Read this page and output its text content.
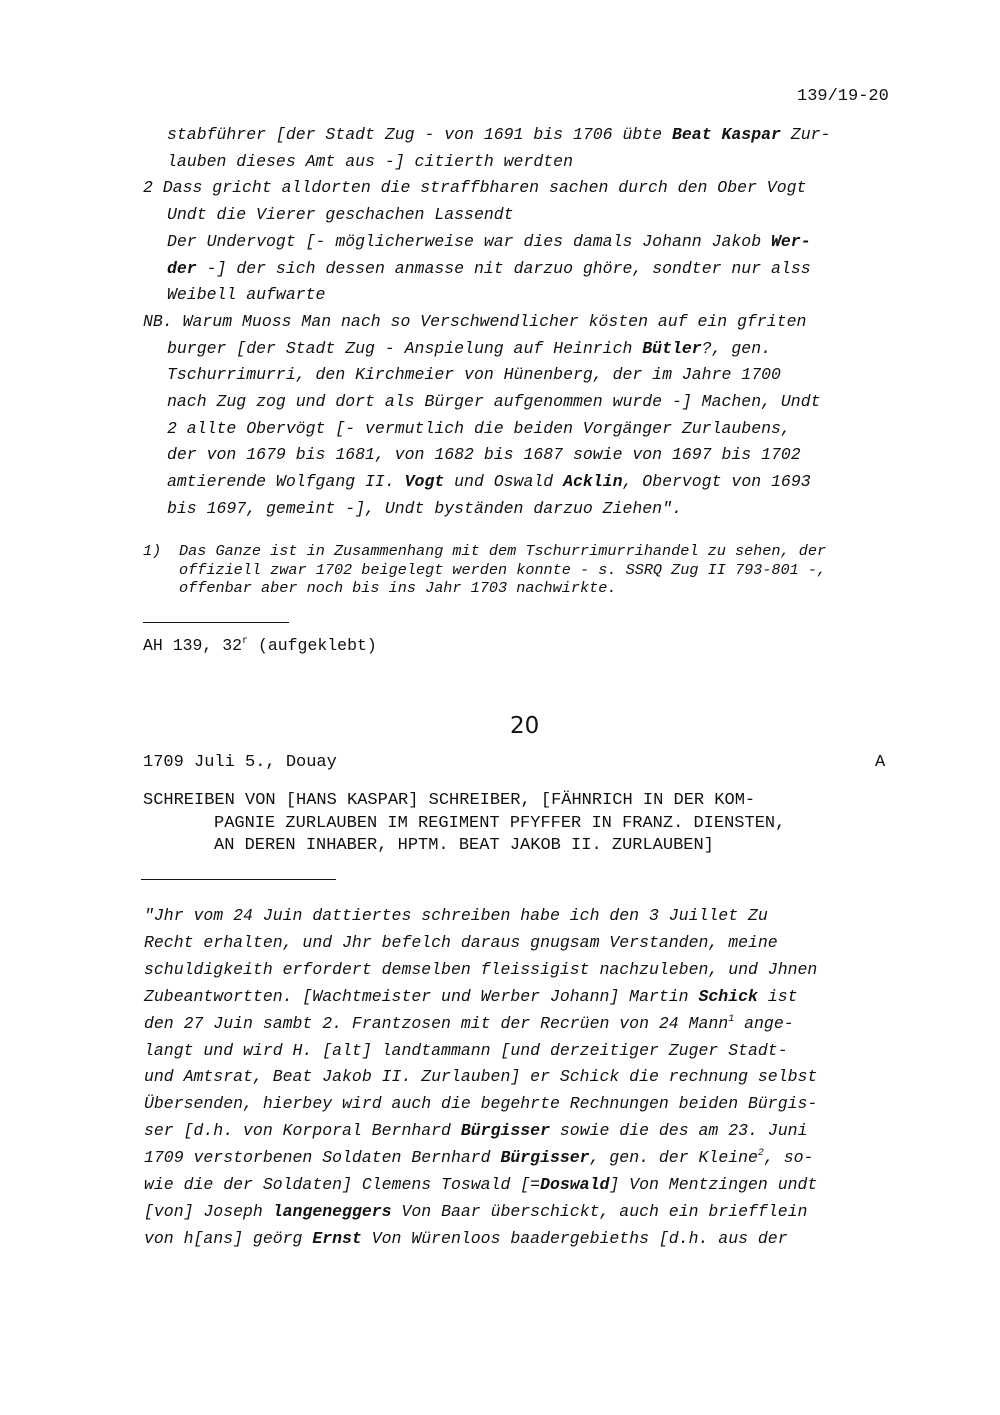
139/19-20
stabführer [der Stadt Zug - von 1691 bis 1706 übte Beat Kaspar Zur-
lauben dieses Amt aus -] citierth werdten
2 Dass gricht alldorten die straffbharen sachen durch den Ober Vogt
Undt die Vierer geschachen Lassendt
Der Undervogt [- möglicherweise war dies damals Johann Jakob Wer-
der -] der sich dessen anmasse nit darzuo ghöre, sondter nur alss
Weibell aufwarte
NB. Warum Muoss Man nach so Verschwendlicher kösten auf ein gfriten
burger [der Stadt Zug - Anspielung auf Heinrich Bütler?, gen.
Tschurrimurri, den Kirchmeier von Hünenberg, der im Jahre 1700
nach Zug zog und dort als Bürger aufgenommen wurde -] Machen, Undt
2 allte Obervögt [- vermutlich die beiden Vorgänger Zurlaubens,
der von 1679 bis 1681, von 1682 bis 1687 sowie von 1697 bis 1702
amtierende Wolfgang II. Vogt und Oswald Acklin, Obervogt von 1693
bis 1697, gemeint -], Undt byständen darzuo Ziehen".
1) Das Ganze ist in Zusammenhang mit dem Tschurrimurrihandel zu sehen, der
offiziell zwar 1702 beigelegt werden konnte - s. SSRQ Zug II 793-801 -,
offenbar aber noch bis ins Jahr 1703 nachwirkte.
AH 139, 32$^r$ (aufgeklebt)
20
1709 Juli 5., Douay	A
SCHREIBEN VON [HANS KASPAR] SCHREIBER, [FÄHNRICH IN DER KOM-
PAGNIE ZURLAUBEN IM REGIMENT PFYFFER IN FRANZ. DIENSTEN,
AN DEREN INHABER, HPTM. BEAT JAKOB II. ZURLAUBEN]
"Jhr vom 24 Juin dattiertes schreiben habe ich den 3 Juillet Zu
Recht erhalten, und Jhr befelch daraus gnugsam Verstanden, meine
schuldigkeith erfordert demselben fleissigist nachzuleben, und Jhnen
Zubeantwortten. [Wachtmeister und Werber Johann] Martin Schick ist
den 27 Juin sambt 2. Frantzosen mit der Recrüen von 24 Mann$^1$ ange-
langt und wird H. [alt] landtammann [und derzeitiger Zuger Stadt-
und Amtsrat, Beat Jakob II. Zurlauben] er Schick die rechnung selbst
Übersenden, hierbey wird auch die begehrte Rechnungen beiden Bürgis-
ser [d.h. von Korporal Bernhard Bürgisser sowie die des am 23. Juni
1709 verstorbenen Soldaten Bernhard Bürgisser, gen. der Kleine$^2$, so-
wie die der Soldaten] Clemens Toswald [=Doswald] Von Mentzingen undt
[von] Joseph langeneggers Von Baar überschickt, auch ein briefflein
von h[ans] geörg Ernst Von Würenloos baadergebieths [d.h. aus der
